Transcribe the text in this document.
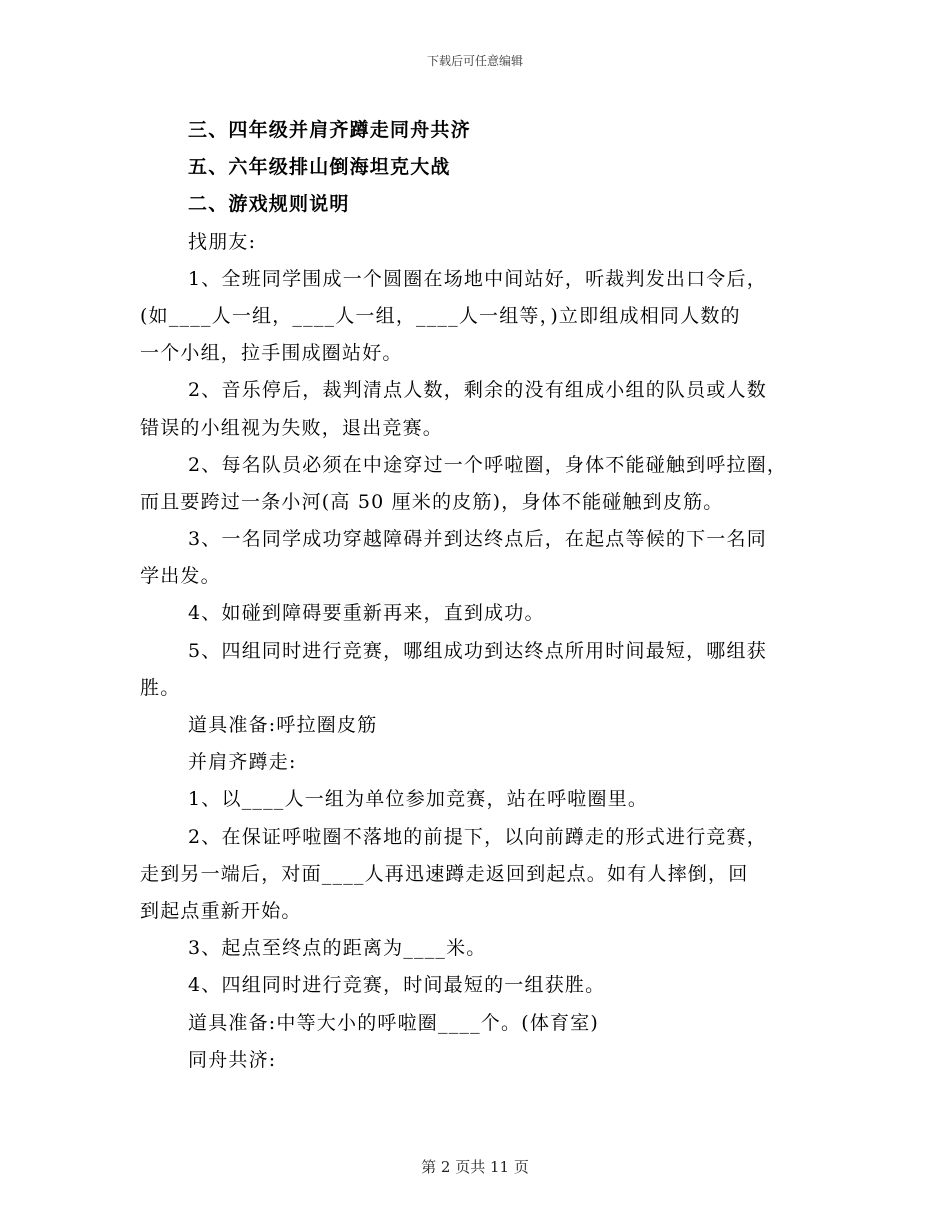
下载后可任意编辑
三、四年级并肩齐蹲走同舟共济
五、六年级排山倒海坦克大战
二、游戏规则说明
找朋友:
1、全班同学围成一个圆圈在场地中间站好，听裁判发出口令后，
(如____人一组，____人一组，____人一组等，)立即组成相同人数的
一个小组，拉手围成圈站好。
2、音乐停后，裁判清点人数，剩余的没有组成小组的队员或人数
错误的小组视为失败，退出竞赛。
2、每名队员必须在中途穿过一个呼啦圈，身体不能碰触到呼拉圈，
而且要跨过一条小河(高 50 厘米的皮筋)，身体不能碰触到皮筋。
3、一名同学成功穿越障碍并到达终点后，在起点等候的下一名同
学出发。
4、如碰到障碍要重新再来，直到成功。
5、四组同时进行竞赛，哪组成功到达终点所用时间最短，哪组获
胜。
道具准备:呼拉圈皮筋
并肩齐蹲走:
1、以____人一组为单位参加竞赛，站在呼啦圈里。
2、在保证呼啦圈不落地的前提下，以向前蹲走的形式进行竞赛，
走到另一端后，对面____人再迅速蹲走返回到起点。如有人摔倒，回
到起点重新开始。
3、起点至终点的距离为____米。
4、四组同时进行竞赛，时间最短的一组获胜。
道具准备:中等大小的呼啦圈____个。(体育室)
同舟共济:
第 2 页共 11 页
